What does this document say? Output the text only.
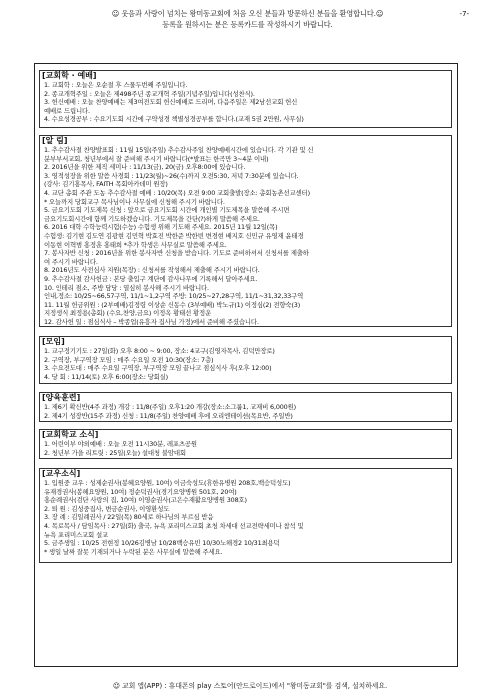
☺ 웃음과 사랑이 넘치는 왕미동교회에 처음 오신 분들과 방문하신 분들을 환영합니다.☺
등록을 원하시는 분은 등록카드를 작성하시기 바랍니다.
-7-
[교회학 · 예배]
1. 교회학 : 오늘은 오순절 후 스물두번째 주일입니다.
2. 종교개혁주일 : 오늘은 제498주년 종교개혁 주일(기념주일)입니다(성찬식).
3. 헌신예배 : 오늘 찬양예배는 제3여전도회 헌신예배로 드리며, 다음주일은 제2남선교회 헌신
예배로 드립니다.
4. 수요성경공부 : 수요기도회 시간에 구약성경 책별성경공부를 합니다.(교재 5권 2만원, 사무실)
[알 림]
1. 추수감사절 찬양발표회 : 11월 15일(주일) 추수감사주일 찬양예배시간에 있습니다. 각 기관 및 신
분부부서교회, 청년부에서 잘 준비해 주시기 바랍니다(*발표는 한곡만 3~4분 이내)
2. 2016년을 위한 제직 세미나 : 11/13(금), 20(금) 오후8:00에 있습니다.
3. 영적성장을 위한 말씀 사경회 : 11/23(월)~26(수)까지 오전5:30, 저녁 7:30분에 있습니다.
(강사: 김기홍목사, FAITH 목회아카데미 원장)
4. 교단 총회 주관 도농 추수감사절 예배 : 10/20(목) 오전 9:00 교회출발(장소: 총회농촌선교센터)
* 오늘까지 당회교구 목사님이나 사무실에 신청해 주시기 바랍니다.
5. 금요기도회 기도제목 신청 : 앞으로 금요기도회 시간에 개인별 기도제목을 말씀해 주시면
금요기도회시간에 함께 기도하겠습니다. 기도제목을 간단(?)하게 말씀해 주세요.
6. 2016 대학 수학능력시험(수능) 수험생 위해 기도해 주세요. 2015년 11월 12일(목)
수험생: 김기현 김도연 김광현 김민혁 박효진 박한준 박한빈 변경현 배지호 신민규 유영재 윤태경
이동현 이혁범 홍정훈 홍태희 *추가 학생은 사무실로 말씀해 주세요.
7. 봉사자반 신청 : 2016년을 위한 봉사자반 신청을 받습니다. 기도로 준비하셔서 신청서를 제출하
여 주시기 바랍니다.
8. 2016년도 사전심사 지원(목장) : 신청서를 작성해서 제출해 주시기 바랍니다.
9. 추수감사절 감사헌금 : 본당 출입구 계단에 감사나무에 기록해서 달아주세요.
10. 인테리 점소, 주방 담당 : 열심히 봉사해 주시기 바랍니다.
인내,정소: 10/25~66,57구역, 11/1~1,2구역 주방: 10/25~27,28구역, 11/1~31,32,33구역
11. 11월 헌금위원 : (2부예배)김정령 이상순 신동수 (3부예배) 박노규(1) 이정심(2) 전향숙(3)
지정생식 최정용(총회) (수요,찬양,금요) 이정옥 황태선 황정운
12. 감사헌 일 : 점심식사 – 박종업(유흥자 집사님 가정)에서 준비해 주셨습니다.
[모임]
1. 교구정기기도 : 27일(화) 오후 8:00 ~ 9:00, 장소: 4교구(김영자목사, 김덕만장로)
2. 구역장, 부구역장 모임 : 매주 수요일 오전 10:30(장소: 7층)
3. 수요전도대 : 매주 수요일 구역장, 부구역장 모임 끝나고 점심식사 후(오후 12:00)
4. 당 회 : 11/14(토) 오후 6:00(장소: 당회실)
[양육훈련]
1. 제6기 확신반(4주 과정) 개강 : 11/8(주일) 오후1:20 개강(장소:소그룹1, 교재비 6,000원)
2. 제4기 성장반(15주 과정) 신청 : 11/8(주일) 찬양예배 후에 오리엔테이션(목요반, 주일반)
[교회학교 소식]
1. 어린이부 야외예배 : 오늘 오전 11시30분, 레포츠공원
2. 청년부 가을 리트릿 : 25일(오늘) 설대청 불암대회
[교우소식]
1. 입원중 교우 : 성제순권사(봉혜요양원, 10여) 이금숙성도(휴한유병원 208호,백승덕성도)
유재경권사(봉헤요양원, 10여) 정순덕권사(경기요양병원 501호, 20여)
홍순례권사(검단 사랑의 집, 10여) 이영순권사(고은수재활요양병원 308호)
2. 퇴 원 : 김성중집사, 변금순권사, 이영환성도
3. 장 례 : 김일례권사 / 22일(목) 80세로 하나님의 부르심 받음
4. 목로목사 / 담임목사 : 27일(화) 출국, 뉴욕 포리미스교회 초청 차세대 선교전략세미나 참석 및
뉴욕 포리미스교회 설교
5. 금주생일 : 10/25 전현정 10/26김병남 10/28백승유빈 10/30노해경2 10/31최용덕
* 생일 날짜 잘못 기재되거나 누락된 분은 사무실에 말씀해 주세요.
☺ 교회 앱(APP) : 휴대폰의 play 스토어(안드로이드)에서 "왕미동교회"를 검색, 설치하세요.
